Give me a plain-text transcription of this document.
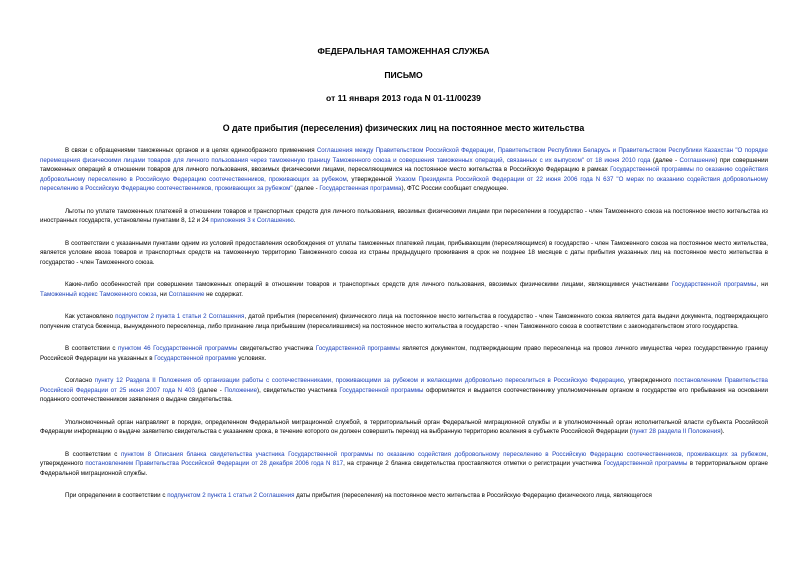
ФЕДЕРАЛЬНАЯ ТАМОЖЕННАЯ СЛУЖБА
ПИСЬМО
от 11 января 2013 года N 01-11/00239
О дате прибытия (переселения) физических лиц на постоянное место жительства

В связи с обращениями таможенных органов и в целях единообразного применения Соглашения между Правительством Российской Федерации, Правительством Республики Беларусь и Правительством Республики Казахстан "О порядке перемещения физическими лицами товаров для личного пользования через таможенную границу Таможенного союза и совершения таможенных операций, связанных с их выпуском" от 18 июня 2010 года (далее - Соглашение) при совершении таможенных операций в отношении товаров для личного пользования, ввозимых физическими лицами, переселяющимися на постоянное место жительства в Российскую Федерацию в рамках Государственной программы по оказанию содействия добровольному переселению в Российскую Федерацию соотечественников, проживающих за рубежом, утвержденной Указом Президента Российской Федерации от 22 июня 2006 года N 637 "О мерах по оказанию содействия добровольному переселению в Российскую Федерацию соотечественников, проживающих за рубежом" (далее - Государственная программа), ФТС России сообщает следующее.

Льготы по уплате таможенных платежей в отношении товаров и транспортных средств для личного пользования, ввозимых физическими лицами при переселении в государство - член Таможенного союза на постоянное место жительства из иностранных государств, установлены пунктами 8, 12 и 24 приложения 3 к Соглашению.

В соответствии с указанными пунктами одним из условий предоставления освобождения от уплаты таможенных платежей лицам, прибывающим (переселяющимся) в государство - член Таможенного союза на постоянное место жительства, является условие ввоза товаров и транспортных средств на таможенную территорию Таможенного союза из страны предыдущего проживания в срок не позднее 18 месяцев с даты прибытия указанных лиц на постоянное место жительства в государство - член Таможенного союза.

Какие-либо особенностей при совершении таможенных операций в отношении товаров и транспортных средств для личного пользования, ввозимых физическими лицами, являющимися участниками Государственной программы, ни Таможенный кодекс Таможенного союза, ни Соглашение не содержат.

Как установлено подпунктом 2 пункта 1 статьи 2 Соглашения, датой прибытия (переселения) физического лица на постоянное место жительства в государство - член Таможенного союза является дата выдачи документа, подтверждающего получение статуса беженца, вынужденного переселенца, либо признание лица прибывшим (переселившимся) на постоянное место жительства в государство - член Таможенного союза в соответствии с законодательством этого государства.

В соответствии с пунктом 46 Государственной программы свидетельство участника Государственной программы является документом, подтверждающим право переселенца на провоз личного имущества через государственную границу Российской Федерации на указанных в Государственной программе условиях.

Согласно пункту 12 Раздела II Положения об организации работы с соотечественниками, проживающими за рубежом и желающими добровольно переселиться в Российскую Федерацию, утвержденного постановлением Правительства Российской Федерации от 25 июня 2007 года N 403 (далее - Положение), свидетельство участника Государственной программы оформляется и выдается соотечественнику уполномоченным органом в государстве его пребывания на основании поданного соотечественником заявления о выдаче свидетельства.

Уполномоченный орган направляет в порядке, определенном Федеральной миграционной службой, в территориальный орган Федеральной миграционной службы и в уполномоченный орган исполнительной власти субъекта Российской Федерации информацию о выдаче заявителю свидетельства с указанием срока, в течение которого он должен совершить переезд на выбранную территорию вселения в субъекте Российской Федерации (пункт 28 раздела II Положения).

В соответствии с пунктом 8 Описания бланка свидетельства участника Государственной программы по оказанию содействия добровольному переселению в Российскую Федерацию соотечественников, проживающих за рубежом, утвержденного постановлением Правительства Российской Федерации от 28 декабря 2006 года N 817, на странице 2 бланка свидетельства проставляются отметки о регистрации участника Государственной программы в территориальном органе Федеральной миграционной службы.

При определении в соответствии с подпунктом 2 пункта 1 статьи 2 Соглашения даты прибытия (переселения) на постоянное место жительства в Российскую Федерацию физического лица, являющегося
